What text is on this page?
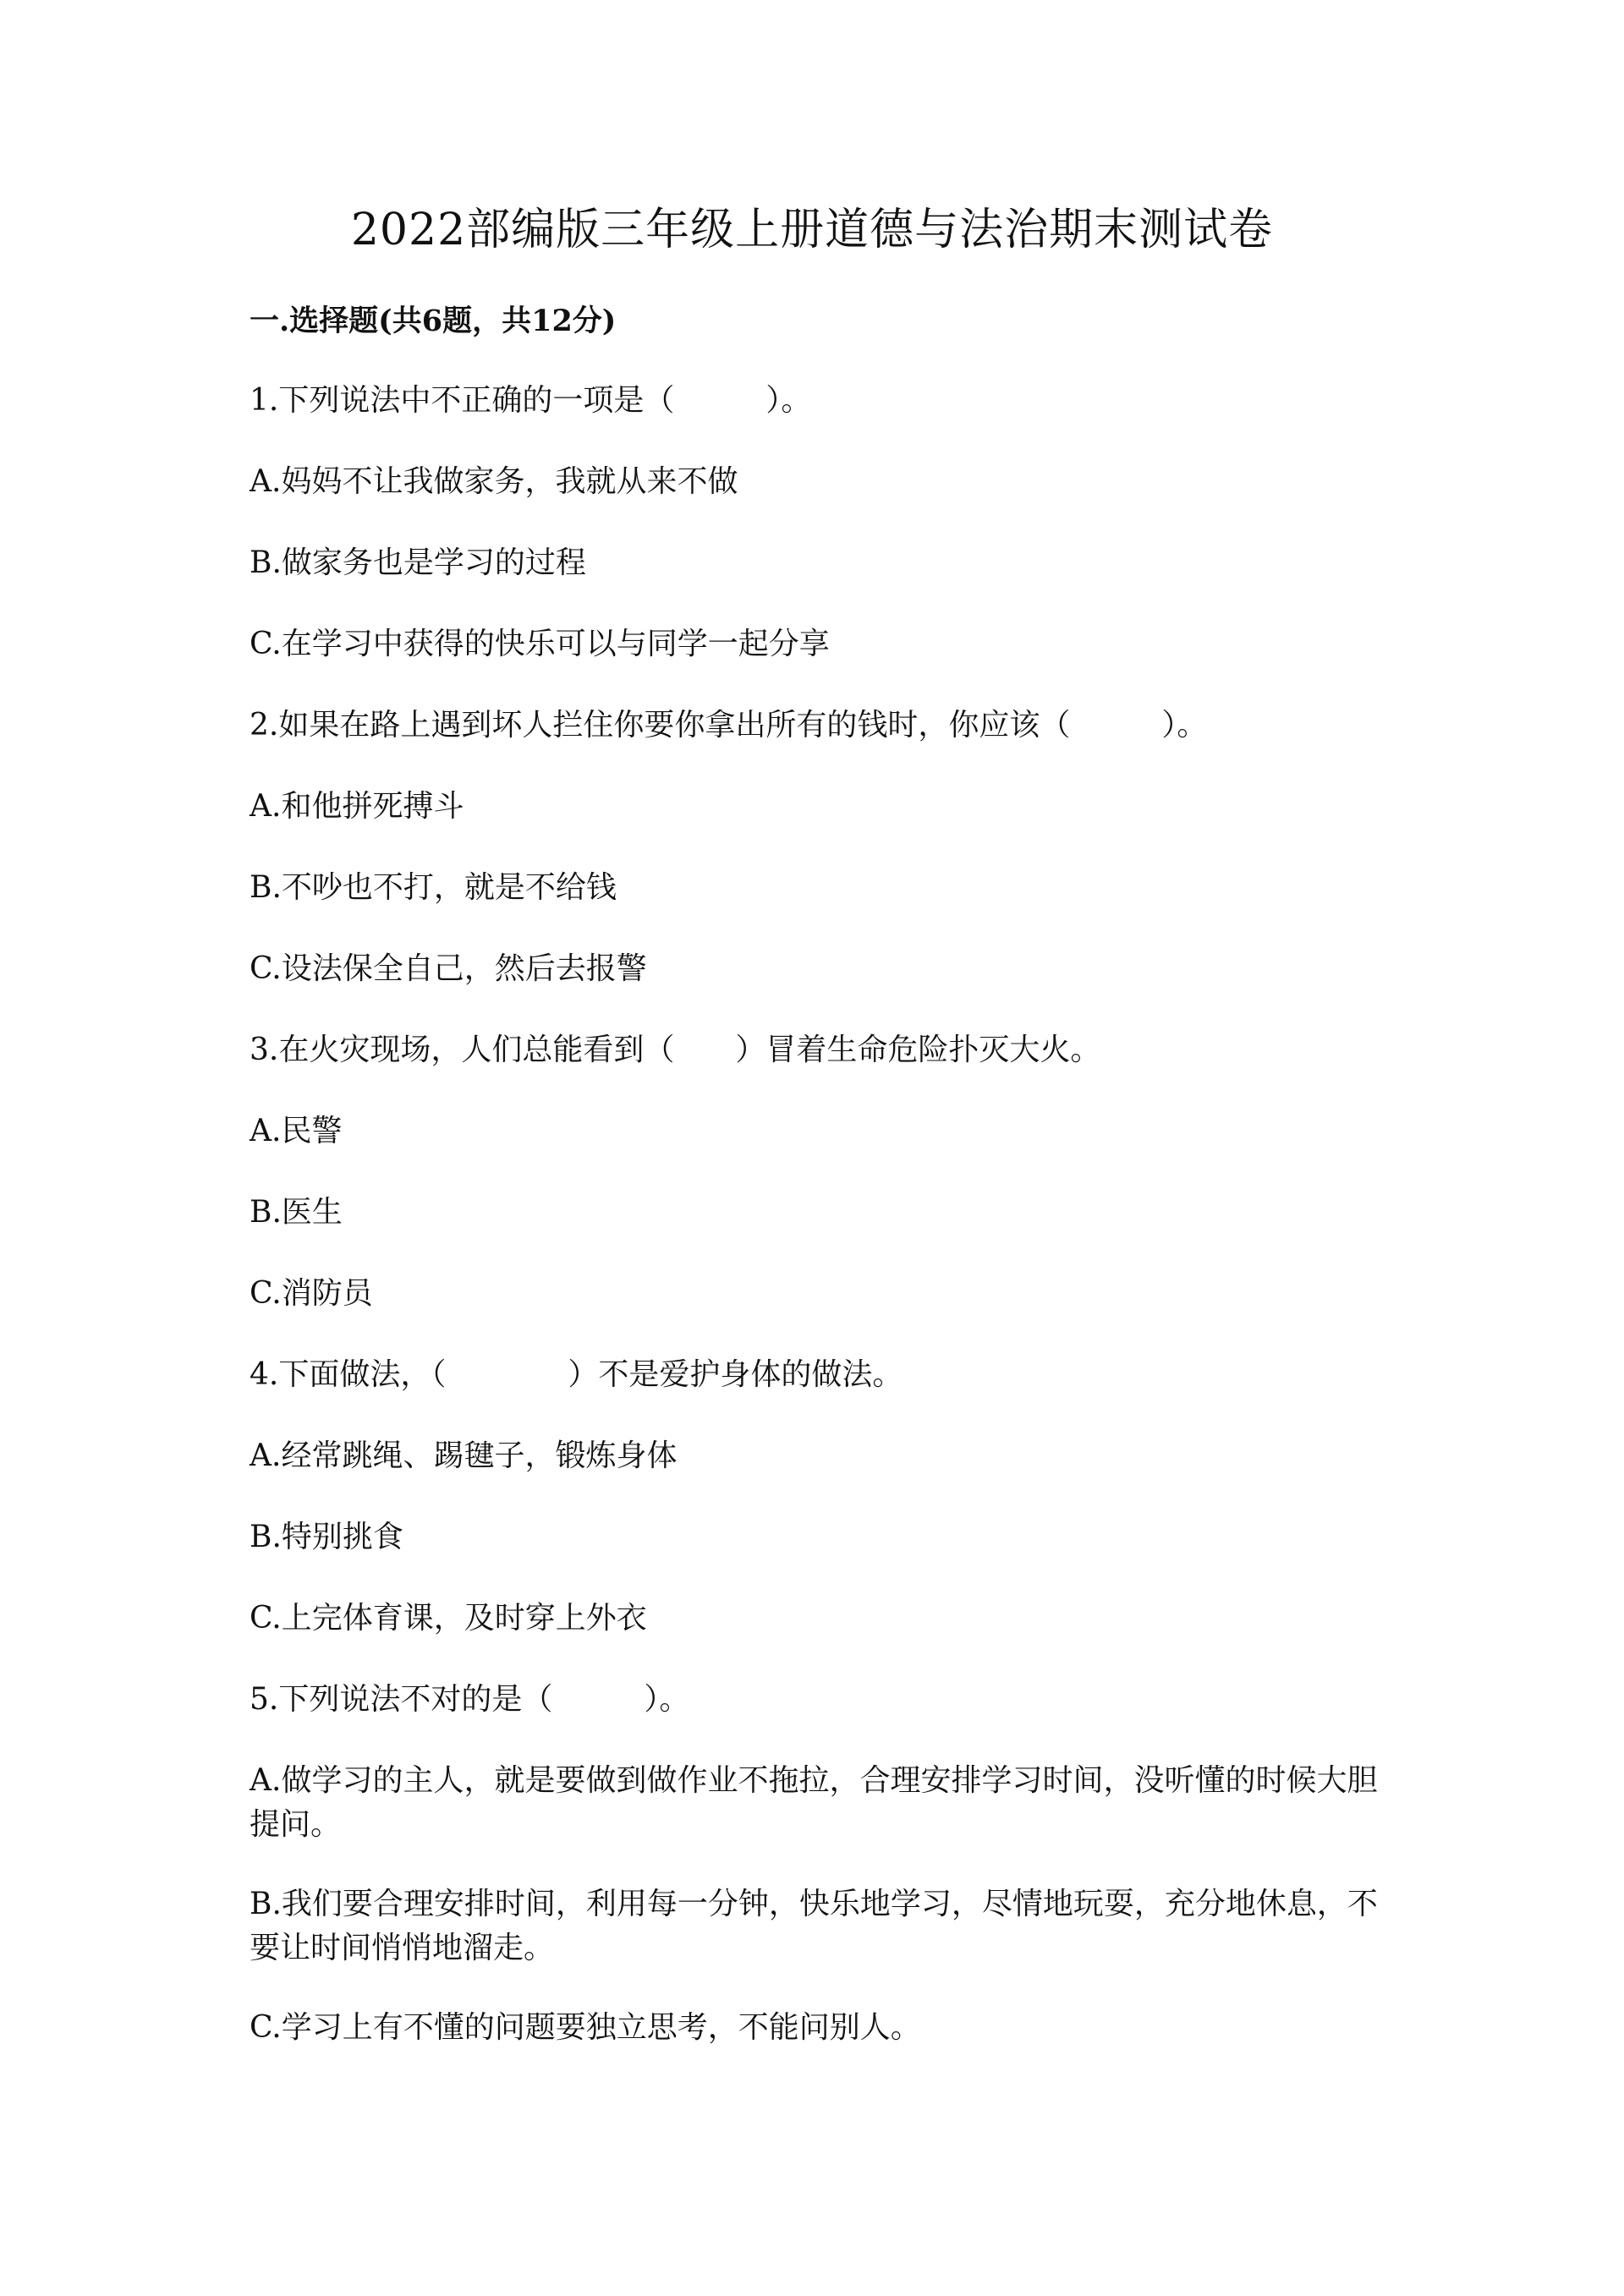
2022部编版三年级上册道德与法治期末测试卷
一.选择题(共6题，共12分)

1.下列说法中不正确的一项是（　　　）。

A.妈妈不让我做家务，我就从来不做

B.做家务也是学习的过程

C.在学习中获得的快乐可以与同学一起分享

2.如果在路上遇到坏人拦住你要你拿出所有的钱时，你应该（　　　）。

A.和他拼死搏斗

B.不吵也不打，就是不给钱

C.设法保全自己，然后去报警

3.在火灾现场，人们总能看到（　　）冒着生命危险扑灭大火。

A.民警

B.医生

C.消防员

4.下面做法，（　　　　）不是爱护身体的做法。

A.经常跳绳、踢毽子，锻炼身体

B.特别挑食

C.上完体育课，及时穿上外衣

5.下列说法不对的是（　　　）。

A.做学习的主人，就是要做到做作业不拖拉，合理安排学习时间，没听懂的时候大胆提问。

B.我们要合理安排时间，利用每一分钟，快乐地学习，尽情地玩耍，充分地休息，不要让时间悄悄地溜走。

C.学习上有不懂的问题要独立思考，不能问别人。
